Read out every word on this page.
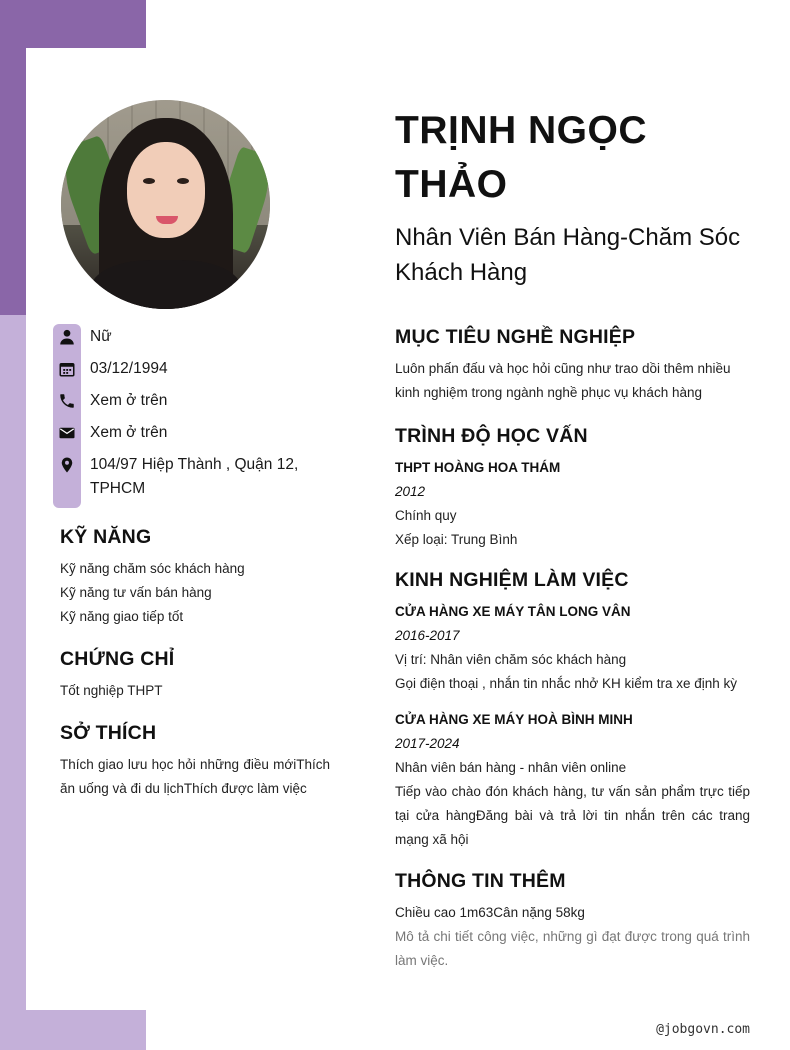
Nữ
03/12/1994
Xem ở trên
Xem ở trên
104/97 Hiệp Thành , Quận 12, TPHCM
KỸ NĂNG
Kỹ năng chăm sóc khách hàng
Kỹ năng tư vấn bán hàng
Kỹ năng giao tiếp tốt
CHỨNG CHỈ
Tốt nghiệp THPT
SỞ THÍCH
Thích giao lưu học hỏi những điều mớiThích ăn uống và đi du lịchThích được làm việc
TRỊNH NGỌC THẢO
Nhân Viên Bán Hàng-Chăm Sóc Khách Hàng
MỤC TIÊU NGHỀ NGHIỆP
Luôn phấn đấu và học hỏi cũng như trao dồi thêm nhiều kinh nghiệm trong ngành nghề phục vụ khách hàng
TRÌNH ĐỘ HỌC VẤN
THPT HOÀNG HOA THÁM
2012
Chính quy
Xếp loại: Trung Bình
KINH NGHIỆM LÀM VIỆC
CỬA HÀNG XE MÁY TÂN LONG VÂN
2016-2017
Vị trí: Nhân viên chăm sóc khách hàng
Gọi điện thoại , nhắn tin nhắc nhở KH kiểm tra xe định kỳ
CỬA HÀNG XE MÁY HOÀ BÌNH MINH
2017-2024
Nhân viên bán hàng - nhân viên online
Tiếp vào chào đón khách hàng, tư vấn sản phẩm trực tiếp tại cửa hàngĐăng bài và trả lời tin nhắn trên các trang mạng xã hội
THÔNG TIN THÊM
Chiều cao 1m63Cân nặng 58kg
Mô tả chi tiết công việc, những gì đạt được trong quá trình làm việc.
@jobgovn.com
